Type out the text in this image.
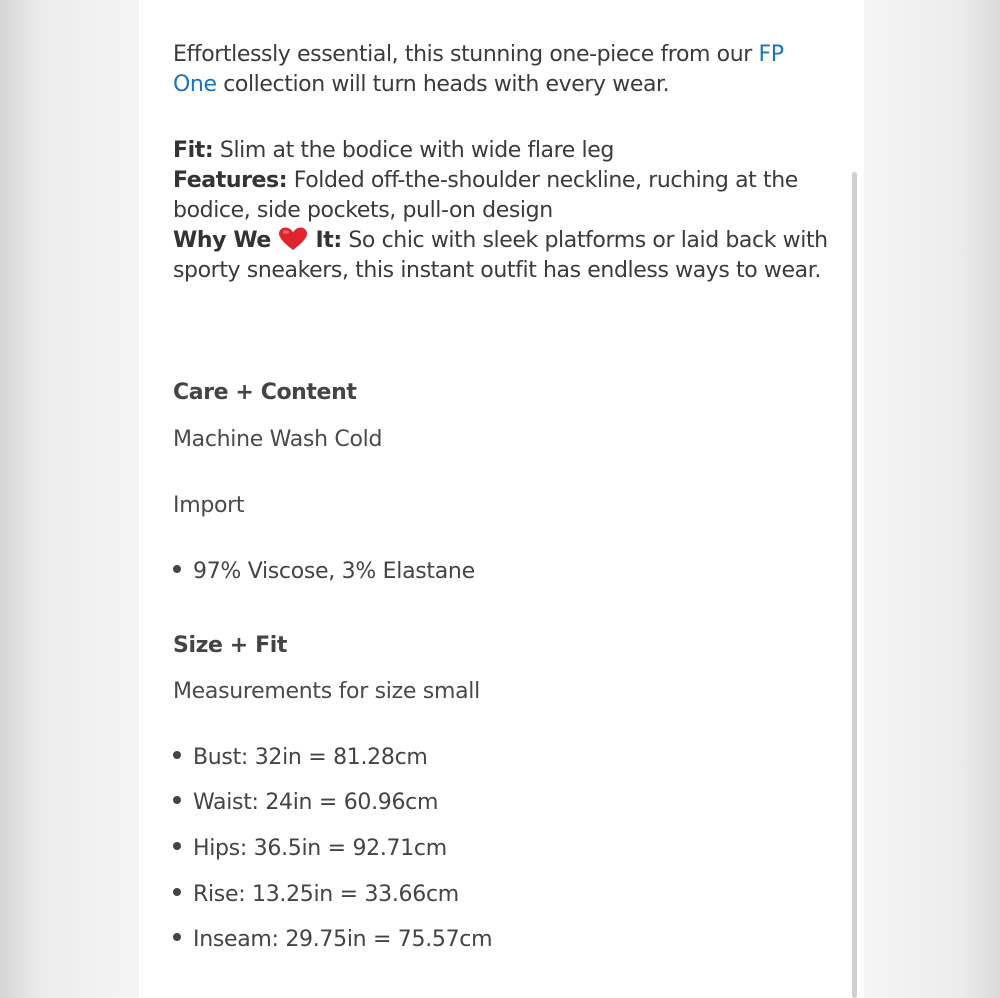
Effortlessly essential, this stunning one-piece from our FP One collection will turn heads with every wear.

Fit: Slim at the bodice with wide flare leg

Features: Folded off-the-shoulder neckline, ruching at the bodice, side pockets, pull-on design

Why We  It: So chic with sleek platforms or laid back with sporty sneakers, this instant outfit has endless ways to wear.

Care + Content

Machine Wash Cold

Import

97% Viscose, 3% Elastane
Size + Fit

Measurements for size small

Bust: 32in = 81.28cm
Waist: 24in = 60.96cm
Hips: 36.5in = 92.71cm
Rise: 13.25in = 33.66cm
Inseam: 29.75in = 75.57cm
